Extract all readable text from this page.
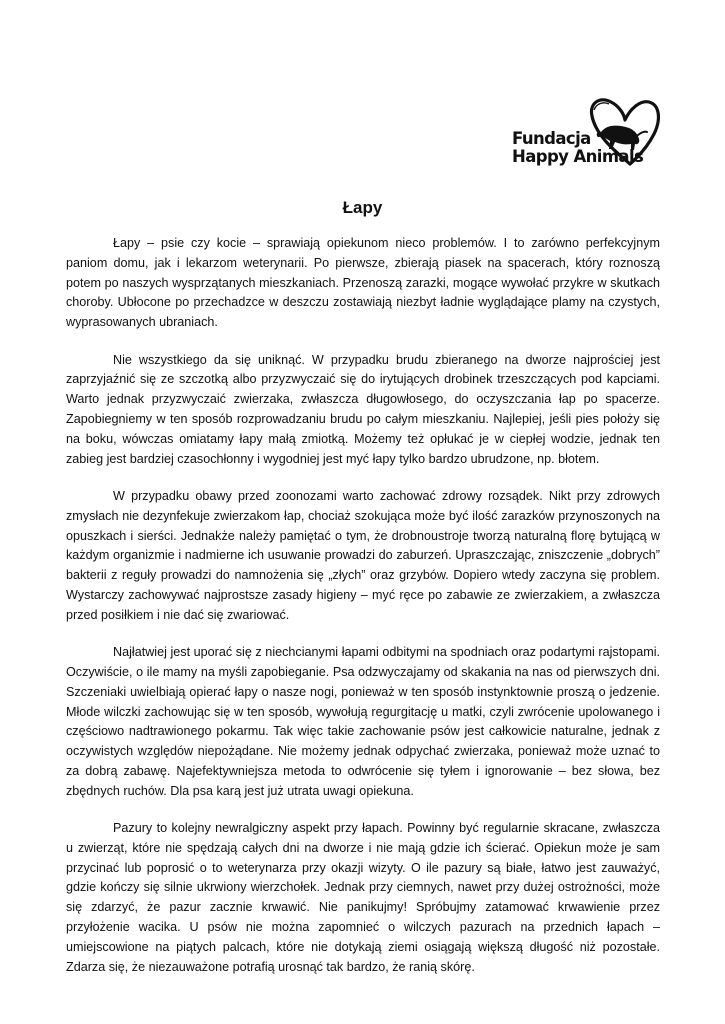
Fundacja
Happy Animals
Łapy

Łapy – psie czy kocie – sprawiają opiekunom nieco problemów. I to zarówno perfekcyjnym paniom domu, jak i lekarzom weterynarii. Po pierwsze, zbierają piasek na spacerach, który roznoszą potem po naszych wysprzątanych mieszkaniach. Przenoszą zarazki, mogące wywołać przykre w skutkach choroby. Ubłocone po przechadzce w deszczu zostawiają niezbyt ładnie wyglądające plamy na czystych, wyprasowanych ubraniach.

Nie wszystkiego da się uniknąć. W przypadku brudu zbieranego na dworze najprościej jest zaprzyjaźnić się ze szczotką albo przyzwyczaić się do irytujących drobinek trzeszczących pod kapciami. Warto jednak przyzwyczaić zwierzaka, zwłaszcza długowłosego, do oczyszczania łap po spacerze. Zapobiegniemy w ten sposób rozprowadzaniu brudu po całym mieszkaniu. Najlepiej, jeśli pies położy się na boku, wówczas omiatamy łapy małą zmiotką. Możemy też opłukać je w ciepłej wodzie, jednak ten zabieg jest bardziej czasochłonny i wygodniej jest myć łapy tylko bardzo ubrudzone, np. błotem.

W przypadku obawy przed zoonozami warto zachować zdrowy rozsądek. Nikt przy zdrowych zmysłach nie dezynfekuje zwierzakom łap, chociaż szokująca może być ilość zarazków przynoszonych na opuszkach i sierści. Jednakże należy pamiętać o tym, że drobnoustroje tworzą naturalną florę bytującą w każdym organizmie i nadmierne ich usuwanie prowadzi do zaburzeń. Upraszczając, zniszczenie „dobrych” bakterii z reguły prowadzi do namnożenia się „złych” oraz grzybów. Dopiero wtedy zaczyna się problem. Wystarczy zachowywać najprostsze zasady higieny – myć ręce po zabawie ze zwierzakiem, a zwłaszcza przed posiłkiem i nie dać się zwariować.

Najłatwiej jest uporać się z niechcianymi łapami odbitymi na spodniach oraz podartymi rajstopami. Oczywiście, o ile mamy na myśli zapobieganie. Psa odzwyczajamy od skakania na nas od pierwszych dni. Szczeniaki uwielbiają opierać łapy o nasze nogi, ponieważ w ten sposób instynktownie proszą o jedzenie. Młode wilczki zachowując się w ten sposób, wywołują regurgitację u matki, czyli zwrócenie upolowanego i częściowo nadtrawionego pokarmu. Tak więc takie zachowanie psów jest całkowicie naturalne, jednak z oczywistych względów niepożądane. Nie możemy jednak odpychać zwierzaka, ponieważ może uznać to za dobrą zabawę. Najefektywniejsza metoda to odwrócenie się tyłem i ignorowanie – bez słowa, bez zbędnych ruchów. Dla psa karą jest już utrata uwagi opiekuna.

Pazury to kolejny newralgiczny aspekt przy łapach. Powinny być regularnie skracane, zwłaszcza u zwierząt, które nie spędzają całych dni na dworze i nie mają gdzie ich ścierać. Opiekun może je sam przycinać lub poprosić o to weterynarza przy okazji wizyty. O ile pazury są białe, łatwo jest zauważyć, gdzie kończy się silnie ukrwiony wierzchołek. Jednak przy ciemnych, nawet przy dużej ostrożności, może się zdarzyć, że pazur zacznie krwawić. Nie panikujmy! Spróbujmy zatamować krwawienie przez przyłożenie wacika. U psów nie można zapomnieć o wilczych pazurach na przednich łapach – umiejscowione na piątych palcach, które nie dotykają ziemi osiągają większą długość niż pozostałe. Zdarza się, że niezauważone potrafią urosnąć tak bardzo, że ranią skórę.
